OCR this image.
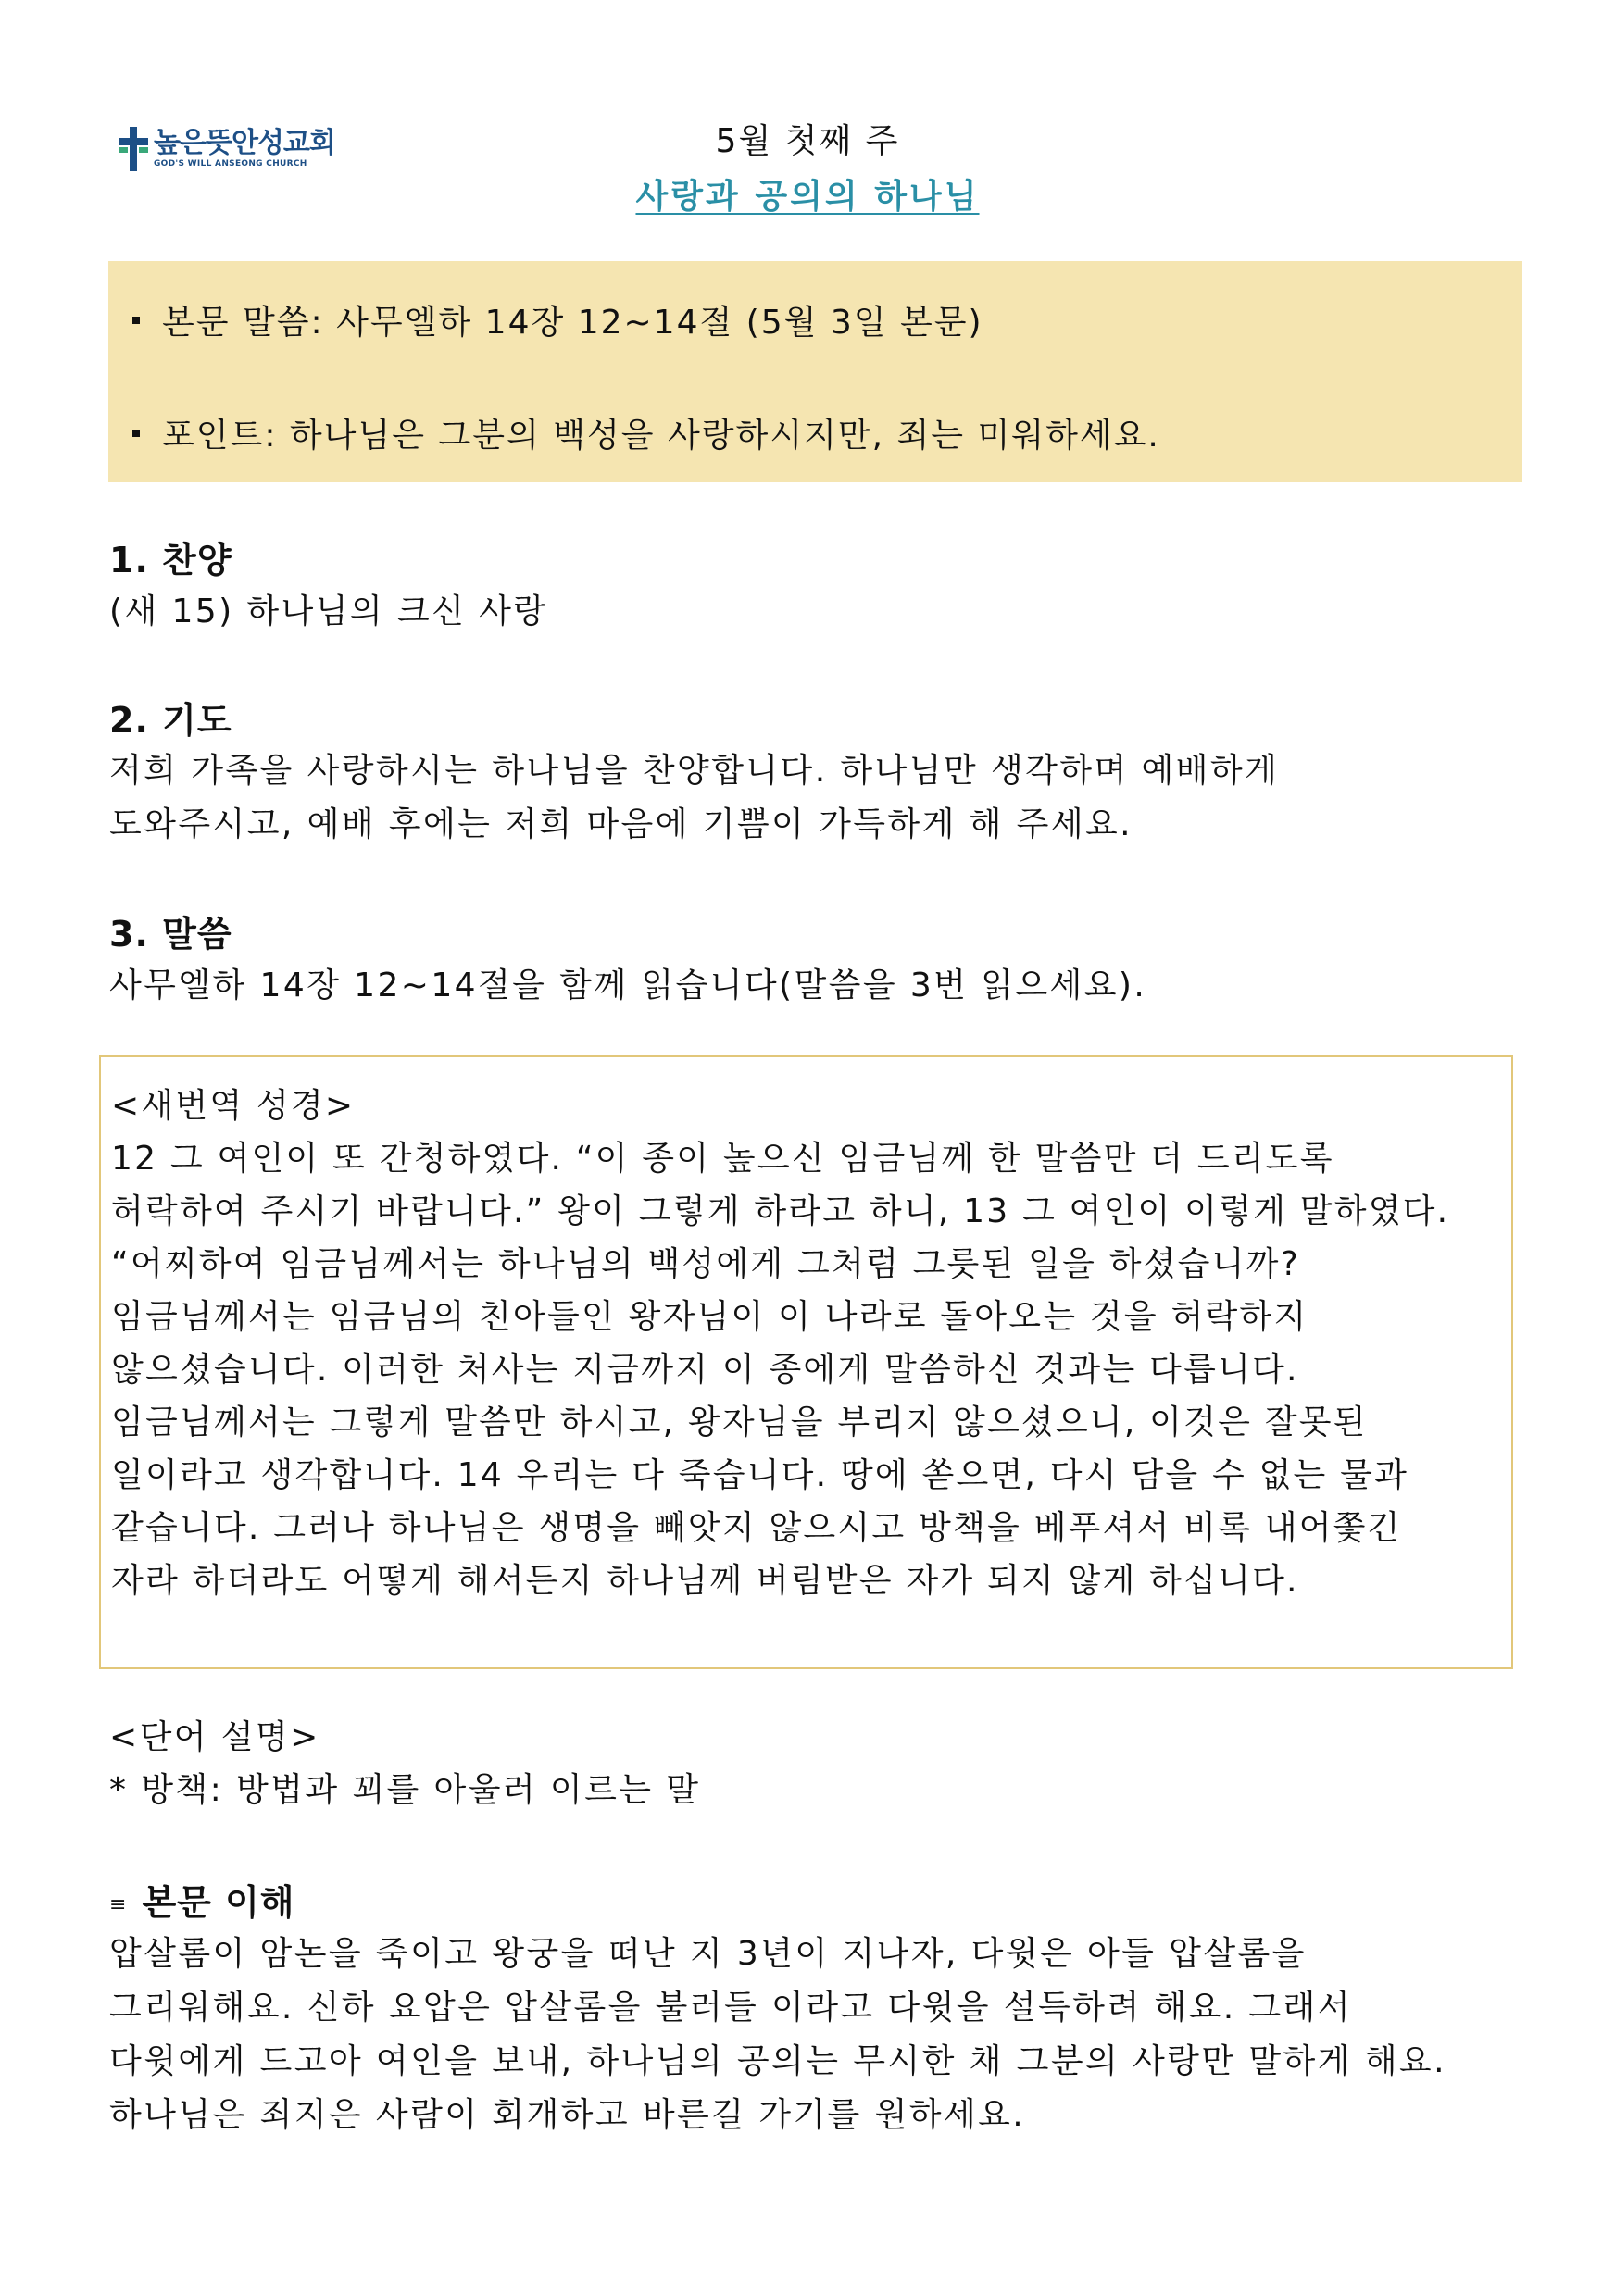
높은뜻안성교회
GOD'S WILL ANSEONG CHURCH
5월 첫째 주
사랑과 공의의 하나님
본문 말씀: 사무엘하 14장 12~14절 (5월 3일 본문)
포인트: 하나님은 그분의 백성을 사랑하시지만, 죄는 미워하세요.
1. 찬양
(새 15) 하나님의 크신 사랑
2. 기도
저희 가족을 사랑하시는 하나님을 찬양합니다. 하나님만 생각하며 예배하게
도와주시고, 예배 후에는 저희 마음에 기쁨이 가득하게 해 주세요.
3. 말씀
사무엘하 14장 12~14절을 함께 읽습니다(말씀을 3번 읽으세요).
<새번역 성경>
12 그 여인이 또 간청하였다. “이 종이 높으신 임금님께 한 말씀만 더 드리도록
허락하여 주시기 바랍니다.” 왕이 그렇게 하라고 하니, 13 그 여인이 이렇게 말하였다.
“어찌하여 임금님께서는 하나님의 백성에게 그처럼 그릇된 일을 하셨습니까?
임금님께서는 임금님의 친아들인 왕자님이 이 나라로 돌아오는 것을 허락하지
않으셨습니다. 이러한 처사는 지금까지 이 종에게 말씀하신 것과는 다릅니다.
임금님께서는 그렇게 말씀만 하시고, 왕자님을 부리지 않으셨으니, 이것은 잘못된
일이라고 생각합니다. 14 우리는 다 죽습니다. 땅에 쏟으면, 다시 담을 수 없는 물과
같습니다. 그러나 하나님은 생명을 빼앗지 않으시고 방책을 베푸셔서 비록 내어쫓긴
자라 하더라도 어떻게 해서든지 하나님께 버림받은 자가 되지 않게 하십니다.
<단어 설명>
* 방책: 방법과 꾀를 아울러 이르는 말
≡ 본문 이해
압살롬이 암논을 죽이고 왕궁을 떠난 지 3년이 지나자, 다윗은 아들 압살롬을
그리워해요. 신하 요압은 압살롬을 불러들 이라고 다윗을 설득하려 해요. 그래서
다윗에게 드고아 여인을 보내, 하나님의 공의는 무시한 채 그분의 사랑만 말하게 해요.
하나님은 죄지은 사람이 회개하고 바른길 가기를 원하세요.
